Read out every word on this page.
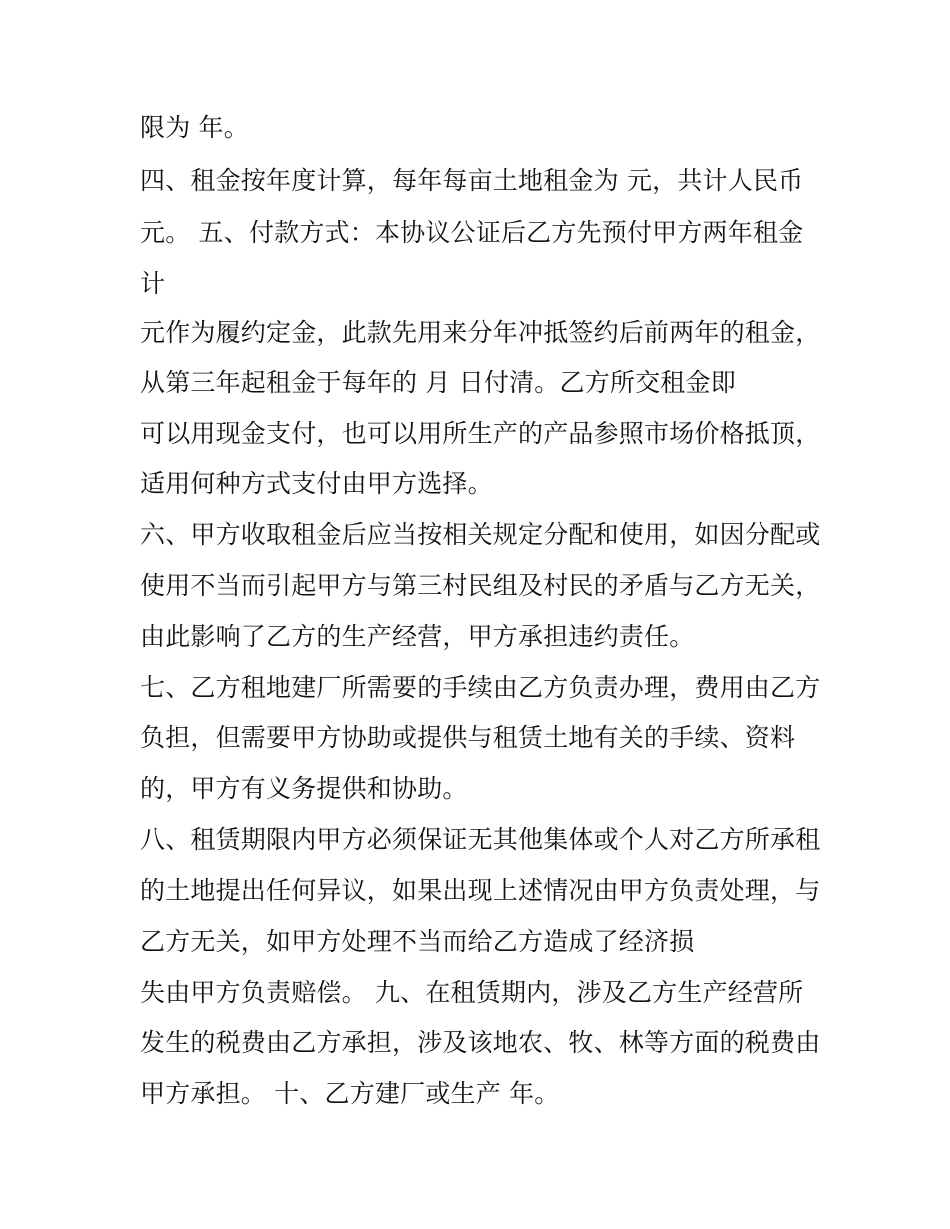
限为 年。
四、租金按年度计算，每年每亩土地租金为 元，共计人民币
元。 五、付款方式：本协议公证后乙方先预付甲方两年租金
计
元作为履约定金，此款先用来分年冲抵签约后前两年的租金，
从第三年起租金于每年的 月 日付清。乙方所交租金即
可以用现金支付，也可以用所生产的产品参照市场价格抵顶，
适用何种方式支付由甲方选择。
六、甲方收取租金后应当按相关规定分配和使用，如因分配或
使用不当而引起甲方与第三村民组及村民的矛盾与乙方无关，
由此影响了乙方的生产经营，甲方承担违约责任。
七、乙方租地建厂所需要的手续由乙方负责办理，费用由乙方
负担，但需要甲方协助或提供与租赁土地有关的手续、资料
的，甲方有义务提供和协助。
八、租赁期限内甲方必须保证无其他集体或个人对乙方所承租
的土地提出任何异议，如果出现上述情况由甲方负责处理，与
乙方无关，如甲方处理不当而给乙方造成了经济损
失由甲方负责赔偿。 九、在租赁期内，涉及乙方生产经营所
发生的税费由乙方承担，涉及该地农、牧、林等方面的税费由
甲方承担。 十、乙方建厂或生产 年。
